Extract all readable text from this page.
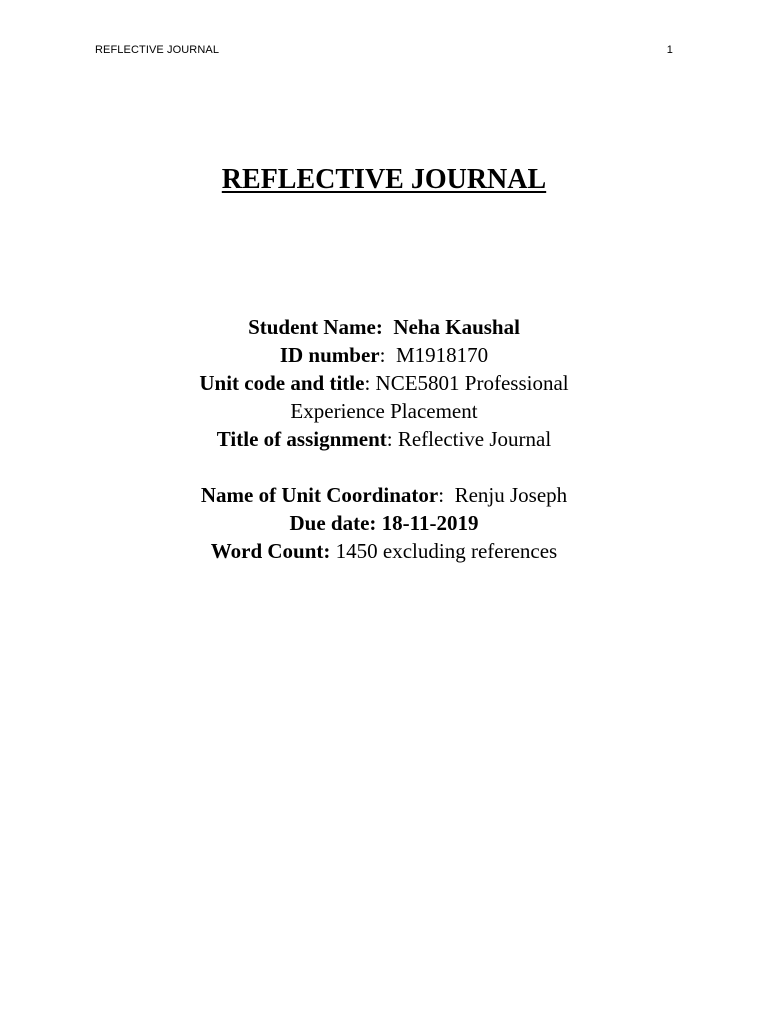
REFLECTIVE JOURNAL	1
REFLECTIVE JOURNAL
Student Name: Neha Kaushal
ID number: M1918170
Unit code and title: NCE5801 Professional
Experience Placement
Title of assignment: Reflective Journal
Name of Unit Coordinator: Renju Joseph
Due date: 18-11-2019
Word Count: 1450 excluding references
